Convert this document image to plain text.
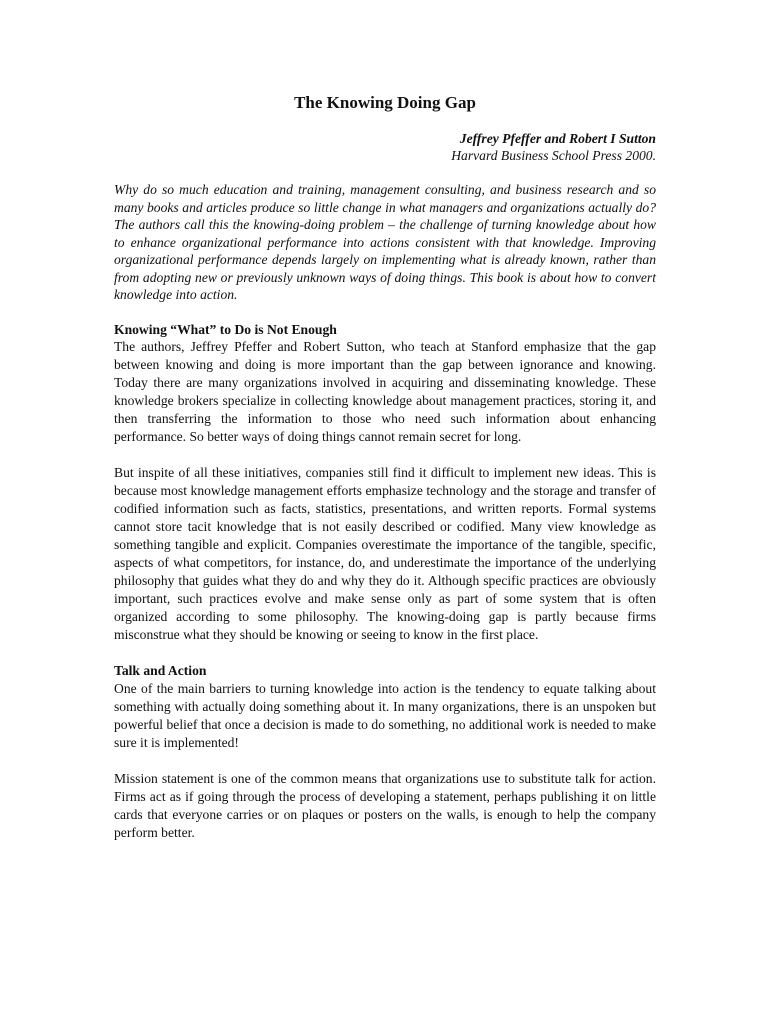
The Knowing Doing Gap
Jeffrey Pfeffer and Robert I Sutton
Harvard Business School Press 2000.

Why do so much education and training, management consulting, and business research and so many books and articles produce so little change in what managers and organizations actually do? The authors call this the knowing-doing problem – the challenge of turning knowledge about how to enhance organizational performance into actions consistent with that knowledge. Improving organizational performance depends largely on implementing what is already known, rather than from adopting new or previously unknown ways of doing things. This book is about how to convert knowledge into action.

Knowing “What” to Do is Not Enough

The authors, Jeffrey Pfeffer and Robert Sutton, who teach at Stanford emphasize that the gap between knowing and doing is more important than the gap between ignorance and knowing. Today there are many organizations involved in acquiring and disseminating knowledge. These knowledge brokers specialize in collecting knowledge about management practices, storing it, and then transferring the information to those who need such information about enhancing performance. So better ways of doing things cannot remain secret for long.

But inspite of all these initiatives, companies still find it difficult to implement new ideas. This is because most knowledge management efforts emphasize technology and the storage and transfer of codified information such as facts, statistics, presentations, and written reports. Formal systems cannot store tacit knowledge that is not easily described or codified. Many view knowledge as something tangible and explicit. Companies overestimate the importance of the tangible, specific, aspects of what competitors, for instance, do, and underestimate the importance of the underlying philosophy that guides what they do and why they do it. Although specific practices are obviously important, such practices evolve and make sense only as part of some system that is often organized according to some philosophy. The knowing-doing gap is partly because firms misconstrue what they should be knowing or seeing to know in the first place.

Talk and Action

One of the main barriers to turning knowledge into action is the tendency to equate talking about something with actually doing something about it. In many organizations, there is an unspoken but powerful belief that once a decision is made to do something, no additional work is needed to make sure it is implemented!

Mission statement is one of the common means that organizations use to substitute talk for action. Firms act as if going through the process of developing a statement, perhaps publishing it on little cards that everyone carries or on plaques or posters on the walls, is enough to help the company perform better.
